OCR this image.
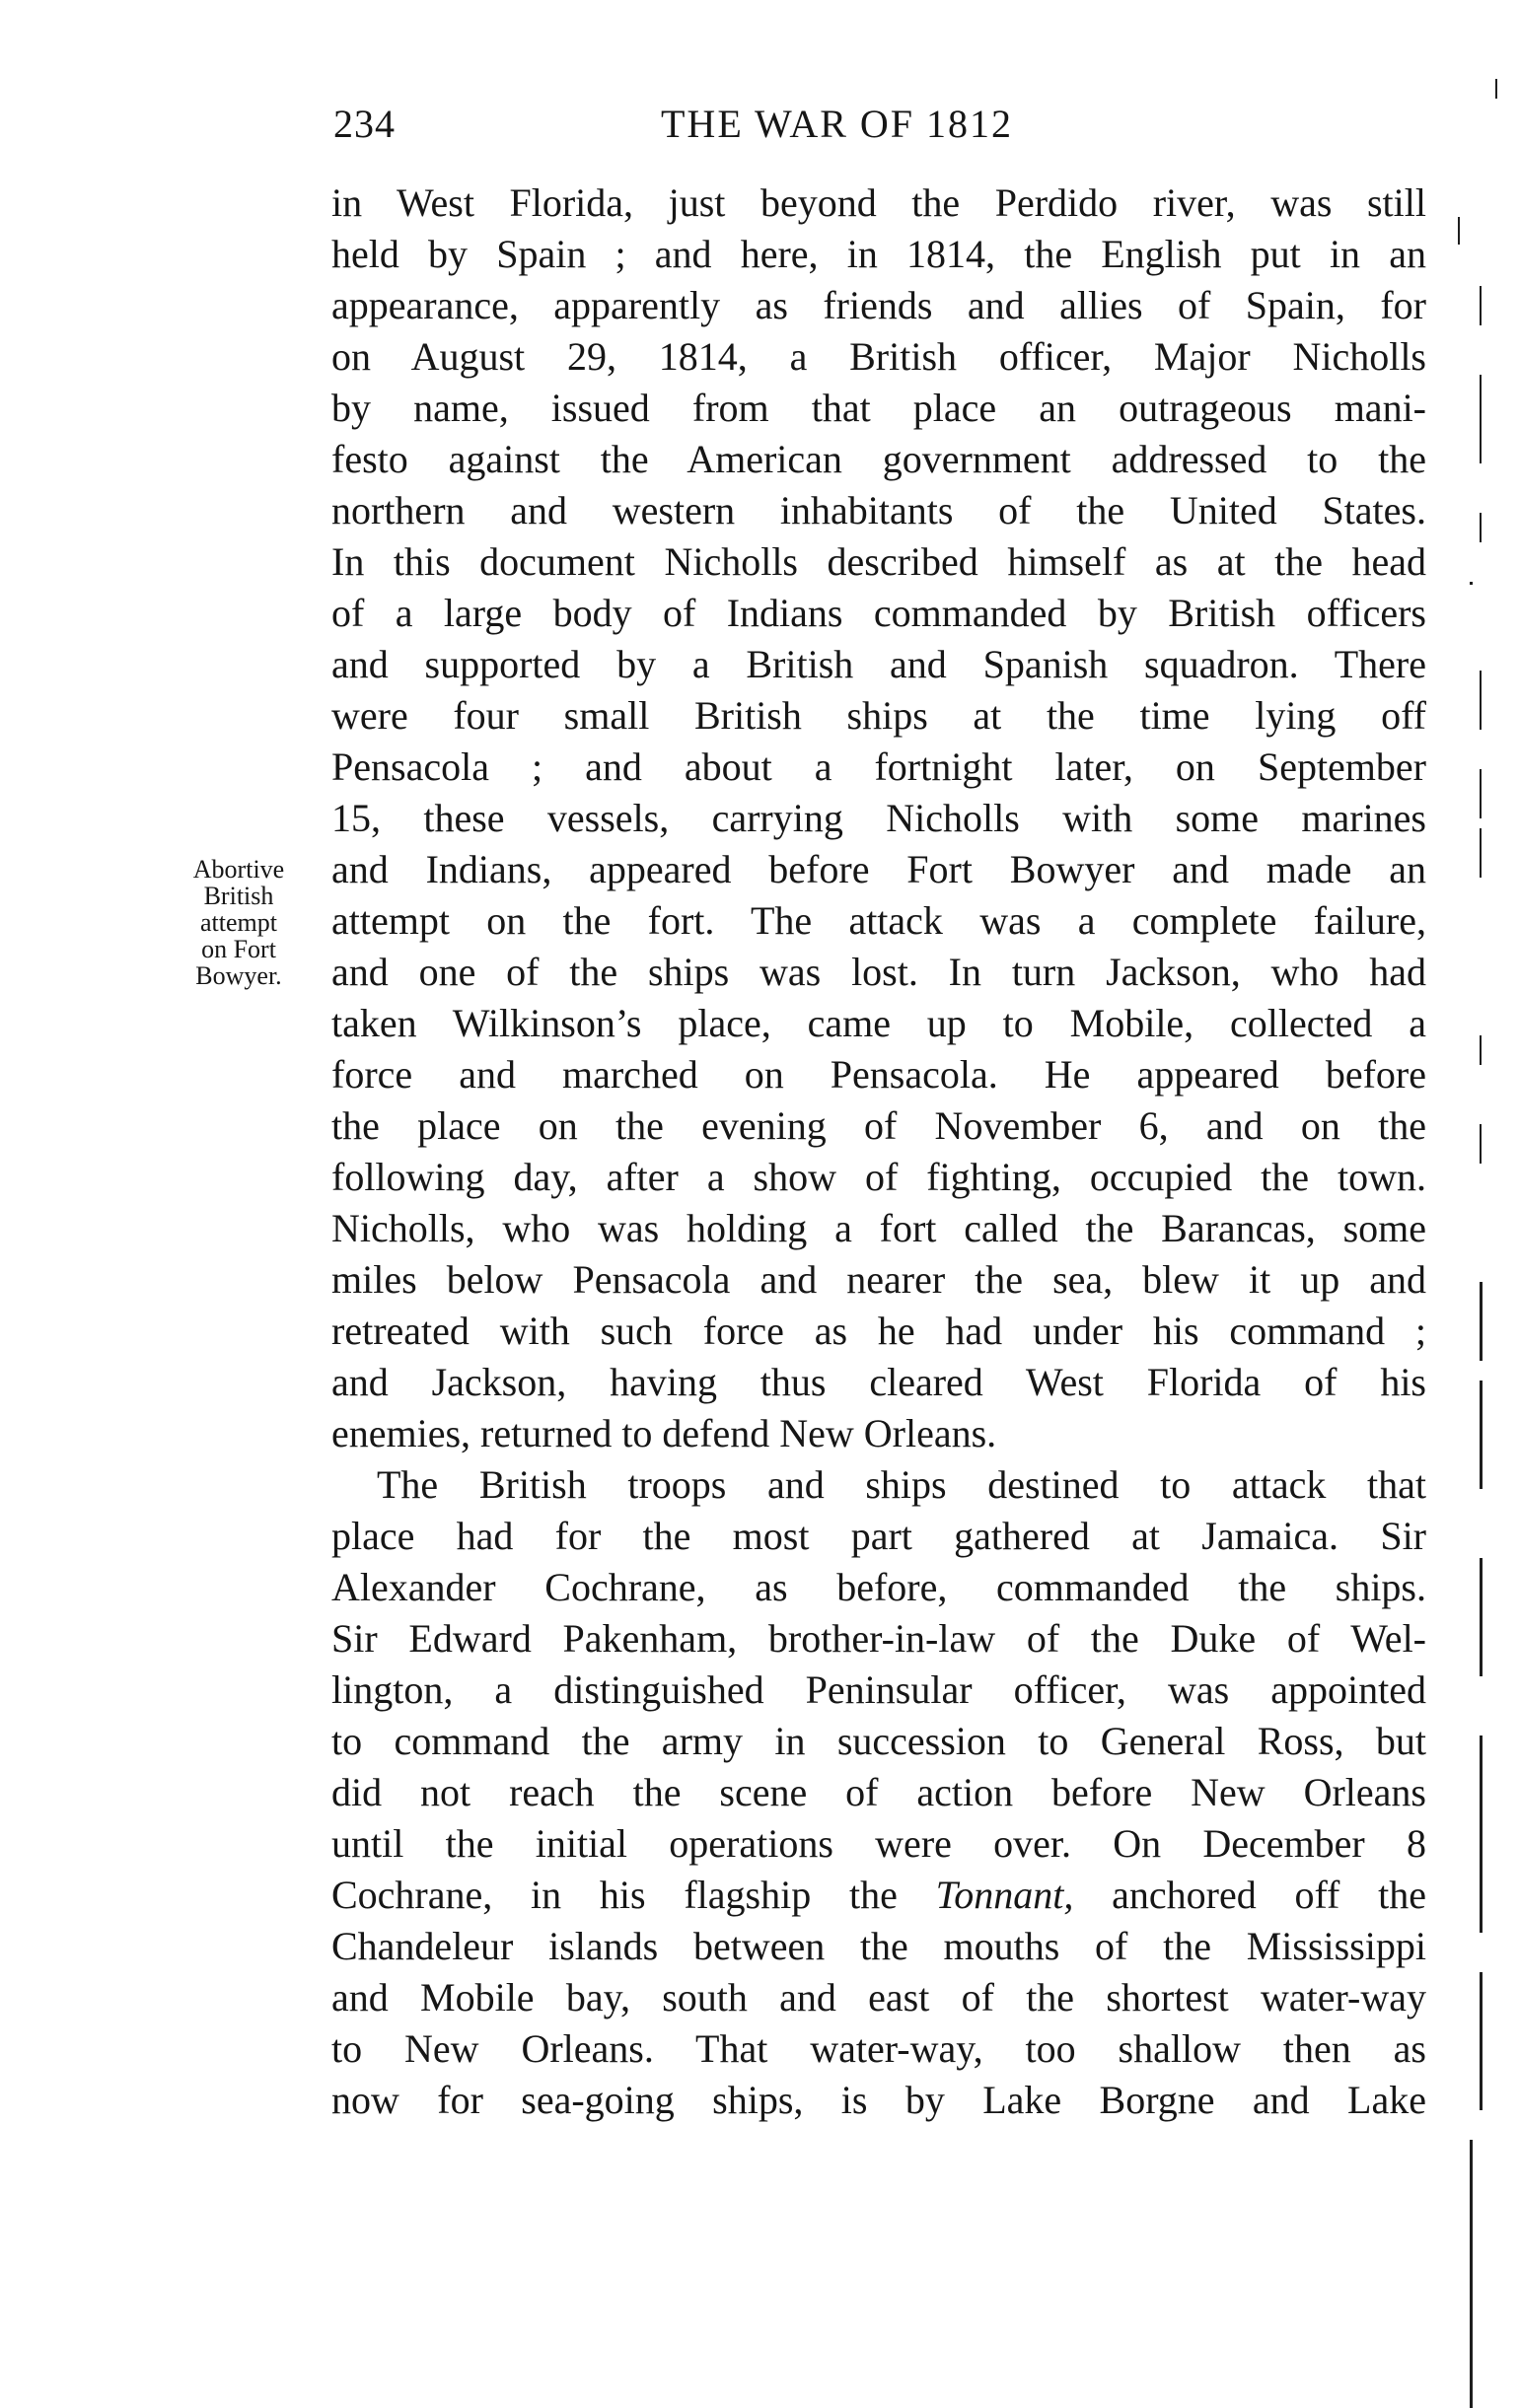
234	THE WAR OF 1812
Abortive
British
attempt
on Fort
Bowyer.
in West Florida, just beyond the Perdido river, was still
held by Spain ; and here, in 1814, the English put in an
appearance, apparently as friends and allies of Spain, for
on August 29, 1814, a British officer, Major Nicholls
by name, issued from that place an outrageous mani-
festo against the American government addressed to the
northern and western inhabitants of the United States.
In this document Nicholls described himself as at the head
of a large body of Indians commanded by British officers
and supported by a British and Spanish squadron. There
were four small British ships at the time lying off
Pensacola ; and about a fortnight later, on September
15, these vessels, carrying Nicholls with some marines
and Indians, appeared before Fort Bowyer and made an
attempt on the fort. The attack was a complete failure,
and one of the ships was lost. In turn Jackson, who had
taken Wilkinson’s place, came up to Mobile, collected a
force and marched on Pensacola. He appeared before
the place on the evening of November 6, and on the
following day, after a show of fighting, occupied the town.
Nicholls, who was holding a fort called the Barancas, some
miles below Pensacola and nearer the sea, blew it up and
retreated with such force as he had under his command ;
and Jackson, having thus cleared West Florida of his
enemies, returned to defend New Orleans.
The British troops and ships destined to attack that
place had for the most part gathered at Jamaica. Sir
Alexander Cochrane, as before, commanded the ships.
Sir Edward Pakenham, brother-in-law of the Duke of Wel-
lington, a distinguished Peninsular officer, was appointed
to command the army in succession to General Ross, but
did not reach the scene of action before New Orleans
until the initial operations were over. On December 8
Cochrane, in his flagship the Tonnant, anchored off the
Chandeleur islands between the mouths of the Mississippi
and Mobile bay, south and east of the shortest water-way
to New Orleans. That water-way, too shallow then as
now for sea-going ships, is by Lake Borgne and Lake
